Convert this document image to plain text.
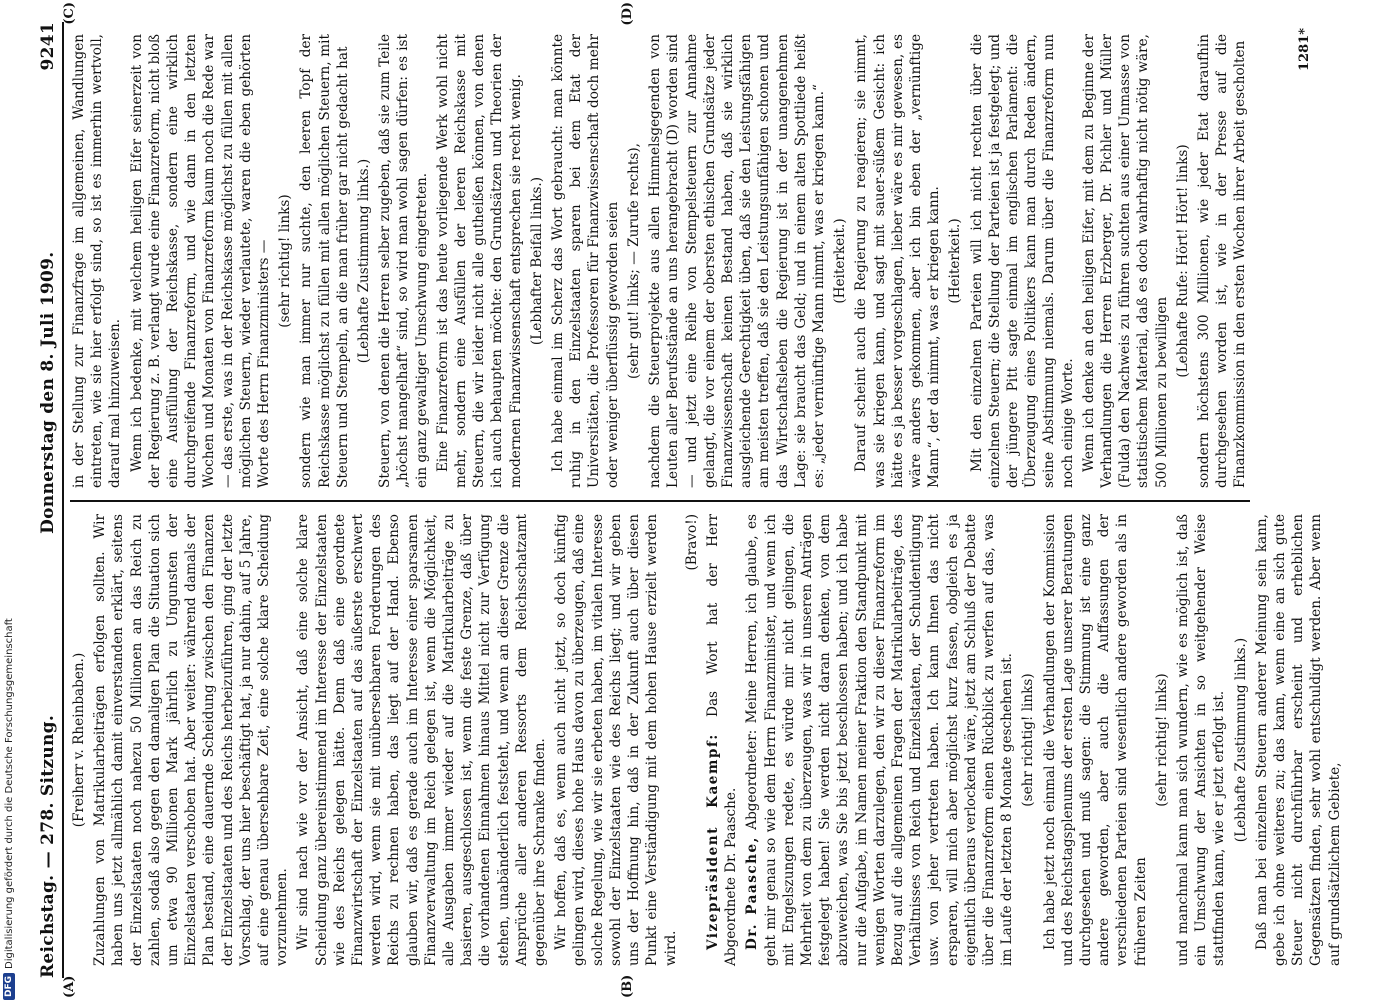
Reichstag. — 278. Sitzung.
Donnerstag den 8. Juli 1909.
9241
(A)	(B)
(C)	(D)

(Freiherr v. Rheinbaben.) Zuzahlungen von Matrikularbeiträgen erfolgen sollten. Wir haben uns jetzt allmählich damit einverstanden erklärt, seitens der Einzelstaaten noch nahezu 50 Millionen an das Reich zu zahlen, sodaß also gegen den damaligen Plan die Situation sich um etwa 90 Millionen Mark jährlich zu Ungunsten der Einzelstaaten verschoben hat. Aber weiter: während damals der Plan bestand, eine dauernde Scheidung zwischen den Finanzen der Einzelstaaten und des Reichs herbeizuführen, ging der letzte Vorschlag, der uns hier beschäftigt hat, ja nur dahin, auf 5 Jahre, auf eine genau übersehbare Zeit, eine solche klare Scheidung vorzunehmen. Wir sind nach wie vor der Ansicht, daß eine solche klare Scheidung ganz übereinstimmend im Interesse der Einzelstaaten wie des Reichs gelegen hätte. Denn daß eine geordnete Finanzwirtschaft der Einzelstaaten auf das äußerste erschwert werden wird, wenn sie mit unübersehbaren Forderungen des Reichs zu rechnen haben, das liegt auf der Hand. Ebenso glauben wir, daß es gerade auch im Interesse einer sparsamen Finanzverwaltung im Reich gelegen ist, wenn die Möglichkeit, alle Ausgaben immer wieder auf die Matrikularbeiträge zu basieren, ausgeschlossen ist, wenn die feste Grenze, daß über die vorhandenen Einnahmen hinaus Mittel nicht zur Verfügung stehen, unabänderlich feststeht, und wenn an dieser Grenze die Ansprüche aller anderen Ressorts dem Reichsschatzamt gegenüber ihre Schranke finden. Wir hoffen, daß es, wenn auch nicht jetzt, so doch künftig gelingen wird, dieses hohe Haus davon zu überzeugen, daß eine solche Regelung, wie wir sie erbeten haben, im vitalen Interesse sowohl der Einzelstaaten wie des Reichs liegt; und wir geben uns der Hoffnung hin, daß in der Zukunft auch über diesen Punkt eine Verständigung mit dem hohen Hause erzielt werden wird.

(Bravo!)

Vizepräsident Kaempf: Das Wort hat der Herr Abgeordnete Dr. Paasche. Dr. Paasche, Abgeordneter: Meine Herren, ich glaube, es geht mir genau so wie dem Herrn Finanzminister, und wenn ich mit Engelszungen redete, es würde mir nicht gelingen, die Mehrheit von dem zu überzeugen, was wir in unseren Anträgen festgelegt haben! Sie werden nicht daran denken, von dem abzuweichen, was Sie bis jetzt beschlossen haben; und ich habe nur die Aufgabe, im Namen meiner Fraktion den Standpunkt mit wenigen Worten darzulegen, den wir zu dieser Finanzreform im Bezug auf die allgemeinen Fragen der Matrikularbeiträge, des Verhältnisses von Reich und Einzelstaaten, der Schuldentilgung usw. von jeher vertreten haben. Ich kann Ihnen das nicht ersparen, will mich aber möglichst kurz fassen, obgleich es ja eigentlich überaus verlockend wäre, jetzt am Schluß der Debatte über die Finanzreform einen Rückblick zu werfen auf das, was im Laufe der letzten 8 Monate geschehen ist. (sehr richtig! links) Ich habe jetzt noch einmal die Verhandlungen der Kommission und des Reichstagsplenums der ersten Lage unserer Beratungen durchgesehen und muß sagen: die Stimmung ist eine ganz andere geworden, aber auch die Auffassungen der verschiedenen Parteien sind wesentlich andere geworden als in früheren Zeiten

(sehr richtig! links) und manchmal kann man sich wundern, wie es möglich ist, daß ein Umschwung der Ansichten in so weitgehender Weise stattfinden kann, wie er jetzt erfolgt ist. (Lebhafte Zustimmung links.) Daß man bei einzelnen Steuern anderer Meinung sein kann, gebe ich ohne weiteres zu; das kann, wenn eine an sich gute Steuer nicht durchführbar erscheint und erheblichen Gegensätzen finden, sehr wohl entschuldigt werden. Aber wenn auf grundsätzlichem Gebiete,

in der Stellung zur Finanzfrage im allgemeinen, Wandlungen eintreten, wie sie hier erfolgt sind, so ist es immerhin wertvoll, darauf mal hinzuweisen. Wenn ich bedenke, mit welchem heiligen Eifer seinerzeit von der Regierung z. B. verlangt wurde eine Finanzreform, nicht bloß eine Ausfüllung der Reichskasse, sondern eine wirklich durchgreifende Finanzreform, und wie dann in den letzten Wochen und Monaten von Finanzreform kaum noch die Rede war — das erste, was in der Reichskasse möglichst zu füllen mit allen möglichen Steuern, wieder verlautete, waren die eben gehörten Worte des Herrn Finanzministers — (sehr richtig! links) sondern wie man immer nur suchte, den leeren Topf der Reichskasse möglichst zu füllen mit allen möglichen Steuern, mit Steuern und Stempeln, an die man früher gar nicht gedacht hat (Lebhafte Zustimmung links.) Steuern, von denen die Herren selber zugeben, daß sie zum Teile „höchst mangelhaft“ sind, so wird man wohl sagen dürfen: es ist ein ganz gewaltiger Umschwung eingetreten. Eine Finanzreform ist das heute vorliegende Werk wohl nicht mehr, sondern eine Ausfüllen der leeren Reichskasse mit Steuern, die wir leider nicht alle gutheißen können, von denen ich auch behaupten möchte: den Grundsätzen und Theorien der modernen Finanzwissenschaft entsprechen sie recht wenig. (Lebhafter Beifall links.) Ich habe einmal im Scherz das Wort gebraucht: man könnte ruhig in den Einzelstaaten sparen bei dem Etat der Universitäten, die Professoren für Finanzwissenschaft doch mehr oder weniger überflüssig geworden seien (sehr gut! links; — Zurufe rechts), nachdem die Steuerprojekte aus allen Himmelsgegenden von Leuten aller Berufsstände an uns herangebracht (D) worden sind — und jetzt eine Reihe von Stempelsteuern zur Annahme gelangt, die vor einem der obersten ethischen Grundsätze jeder Finanzwissenschaft keinen Bestand haben, daß sie wirklich ausgleichende Gerechtigkeit üben, daß sie den Leistungsfähigen am meisten treffen, daß sie den Leistungsunfähigen schonen und das Wirtschaftsleben die Regierung ist in der unangenehmen Lage: sie braucht das Geld; und in einem alten Spottliede heißt es: „jeder vernünftige Mann nimmt, was er kriegen kann.“ (Heiterkeit.) Darauf scheint auch die Regierung zu reagieren; sie nimmt, was sie kriegen kann, und sagt mit sauer-süßem Gesicht: ich hätte es ja besser vorgeschlagen, lieber wäre es mir gewesen, es wäre anders gekommen, aber ich bin eben der „vernünftige Mann“, der da nimmt, was er kriegen kann. (Heiterkeit.) Mit den einzelnen Parteien will ich nicht rechten über die einzelnen Steuern; die Stellung der Parteien ist ja festgelegt; und der jüngere Pitt sagte einmal im englischen Parlament: die Überzeugung eines Politikers kann man durch Reden ändern, seine Abstimmung niemals. Darum über die Finanzreform nun noch einige Worte. Wenn ich denke an den heiligen Eifer, mit dem zu Beginne der Verhandlungen die Herren Erzberger, Dr. Pichler und Müller (Fulda) den Nachweis zu führen suchten aus einer Unmasse von statistischem Material, daß es doch wahrhaftig nicht nötig wäre, 500 Millionen zu bewilligen

(Lebhafte Rufe: Hört! Hört! links) sondern höchstens 300 Millionen, wie jeder Etat daraufhin durchgesehen worden ist, wie in der Presse auf die Finanzkommission in den ersten Wochen ihrer Arbeit gescholten	1281*
DFG
Digitalisierung gefördert durch die Deutsche Forschungsgemeinschaft
